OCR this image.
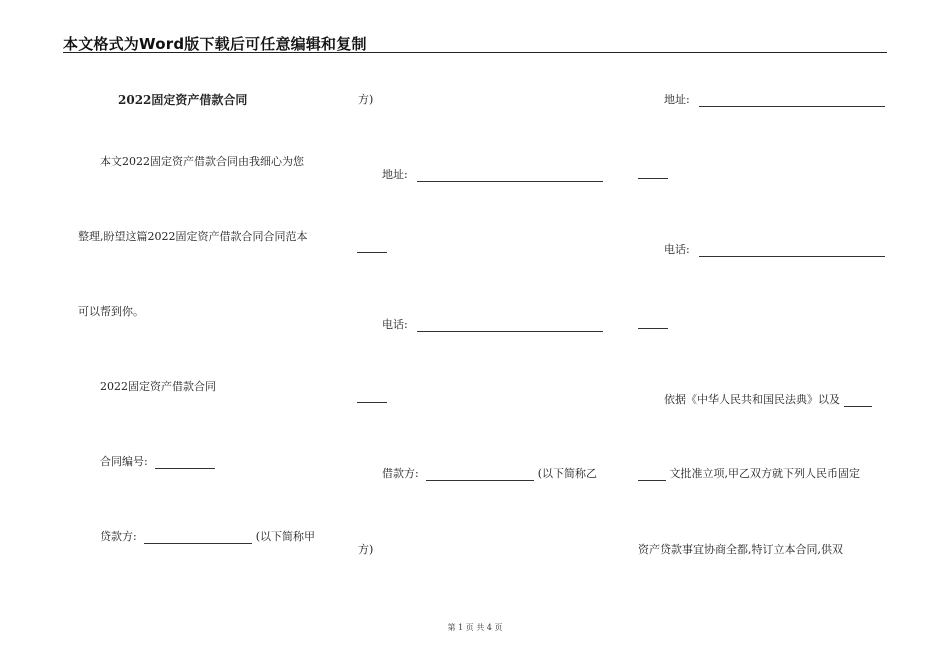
本文格式为Word版下载后可任意编辑和复制
2022固定资产借款合同
本文2022固定资产借款合同由我细心为您
整理,盼望这篇2022固定资产借款合同合同范本
可以帮到你。
2022固定资产借款合同
合同编号:
贷款方:	(以下简称甲
方)
地址:
电话:
借款方:	(以下简称乙
方)
地址:
电话:
依据《中华人民共和国民法典》以及
文批准立项,甲乙双方就下列人民币固定
资产贷款事宜协商全都,特订立本合同,供双
第 1 页 共 4 页
